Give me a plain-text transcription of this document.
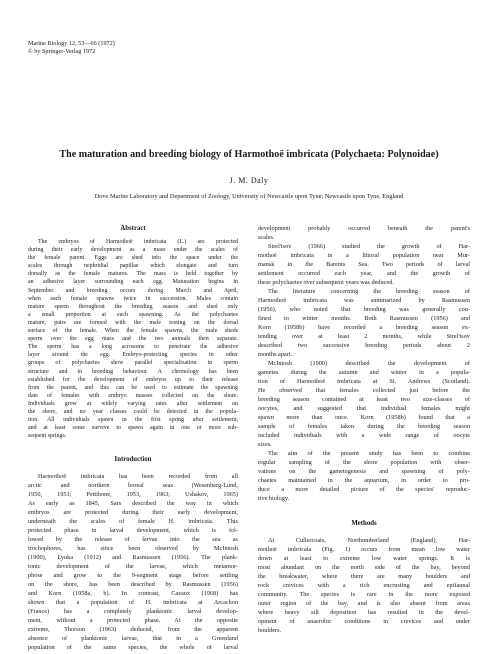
Marine Biology 12, 53—66 (1972)
© by Springer-Verlag 1972
The maturation and breeding biology of Harmothoë imbricata (Polychaeta: Polynoidae)
J. M. Daly
Dove Marine Laboratory and Department of Zoology, University of Newcastle upon Tyne; Newcastle upon Tyne, England
Abstract
The embryos of Harmothoë imbricata (L.) are protected
during their early development as a mass under the scales of
the female parent. Eggs are shed into the space under the
scales through nephridial papillae which elongate and turn
dorsally as the female matures. The mass is held together by
an adhesive layer surrounding each egg. Maturation begins in
September and breeding occurs during March and April,
when each female spawns twice in succession. Males contain
mature sperm throughout the breeding season and shed only
a small proportion at each spawning. As the polychaetes
mature, pairs are formed with the male resting on the dorsal
surface of the female. When the female spawns, the male sheds
sperm over the egg mass and the two animals then separate.
The sperm has a long acrosome to penetrate the adhesive
layer around the egg. Embryo-protecting species in other
groups of polychaetes show parallel specialization in sperm
structure and in breeding behaviour. A chronology has been
established for the development of embryos up to their release
from the parent, and this can be used to estimate the spawning
date of females with embryo masses collected on the shore.
Individuals grow at widely varying rates after settlement on
the shore, and no year classes could be detected in the popula-
tion. All individuals spawn in the first spring after settlement,
and at least some survive to spawn again in one or more sub-
sequent springs.
Introduction
Harmothoë imbricata has been recorded from all
arctic and northern boreal seas (Wesenberg-Lund,
1950, 1951; Pettibone, 1953, 1963; Ushakov, 1965)
As early as 1845, Sars described the way in which
embryos are protected during their early development,
underneath the scales of female H. imbricata. This
protected phase in larval development, which is fol-
lowed by the release of larvae into the sea as
trochophores, has since been observed by McIntosh
(1900), Lyuka (1912) and Rasmussen (1956). The plank-
tonic development of the larvae, which metamor-
phose and grow to the 9-segment stage before settling
on the shore, has been described by Rasmussen (1956)
and Korn (1958a, b). In contrast, Cazaux (1968) has
shown that a population of H. imbricata at Arcachon
(France) has a completely planktonic larval develop-
ment, without a protected phase. At the opposite
extreme, Thorson (1963) deduced, from the apparent
absence of planktonic larvae, that in a Greenland
population of the same species, the whole of larval
development probably occurred beneath the parent's
scales.
Strel'tsov (1966) studied the growth of Har-
mothoë imbricata in a littoral population near Mur-
mansk in the Barents Sea. Two periods of larval
settlement occurred each year, and the growth of
these polychaetes over subsequent years was deduced.
The literature concerning the breeding season of
Harmothoë imbricata was summarized by Rasmussen
(1956), who noted that breeding was generally con-
fined to winter months. Both Rasmussen (1956) and
Korn (1958b) have recorded a breeding season ex-
tending over at least 2 months, while Strel'tsov
described two successive breeding periods about 2
months apart.
McIntosh (1900) described the development of
gametes during the autumn and winter in a popula-
tion of Harmothoë imbricata at St. Andrews (Scotland).
He observed that females collected just before the
breeding season contained at least two size-classes of
oocytes, and suggested that individual females might
spawn more than once. Korn (1958b) found that a
sample of females taken during the breeding season
included individuals with a wide range of oocyte
sizes.
The aim of the present study has been to combine
regular sampling of the shore population with obser-
vations on the gametogenesis and spawning of poly-
chaetes maintained in the aquarium, in order to pro-
duce a more detailed picture of the species' reproduc-
tive biology.
Methods
At Cullercoats, Northumberland (England), Har-
mothoë imbricata (Fig. 1) occurs from mean low water
down at least to extreme low water springs. It is
most abundant on the north side of the bay, beyond
the breakwater, where there are many boulders and
rock crevices with a rich encrusting and epifaunal
community. The species is rare in the more exposed
outer region of the bay, and is also absent from areas
where heavy silt deposition has resulted in the devel-
opment of anaerobic conditions in crevices and under
boulders.
